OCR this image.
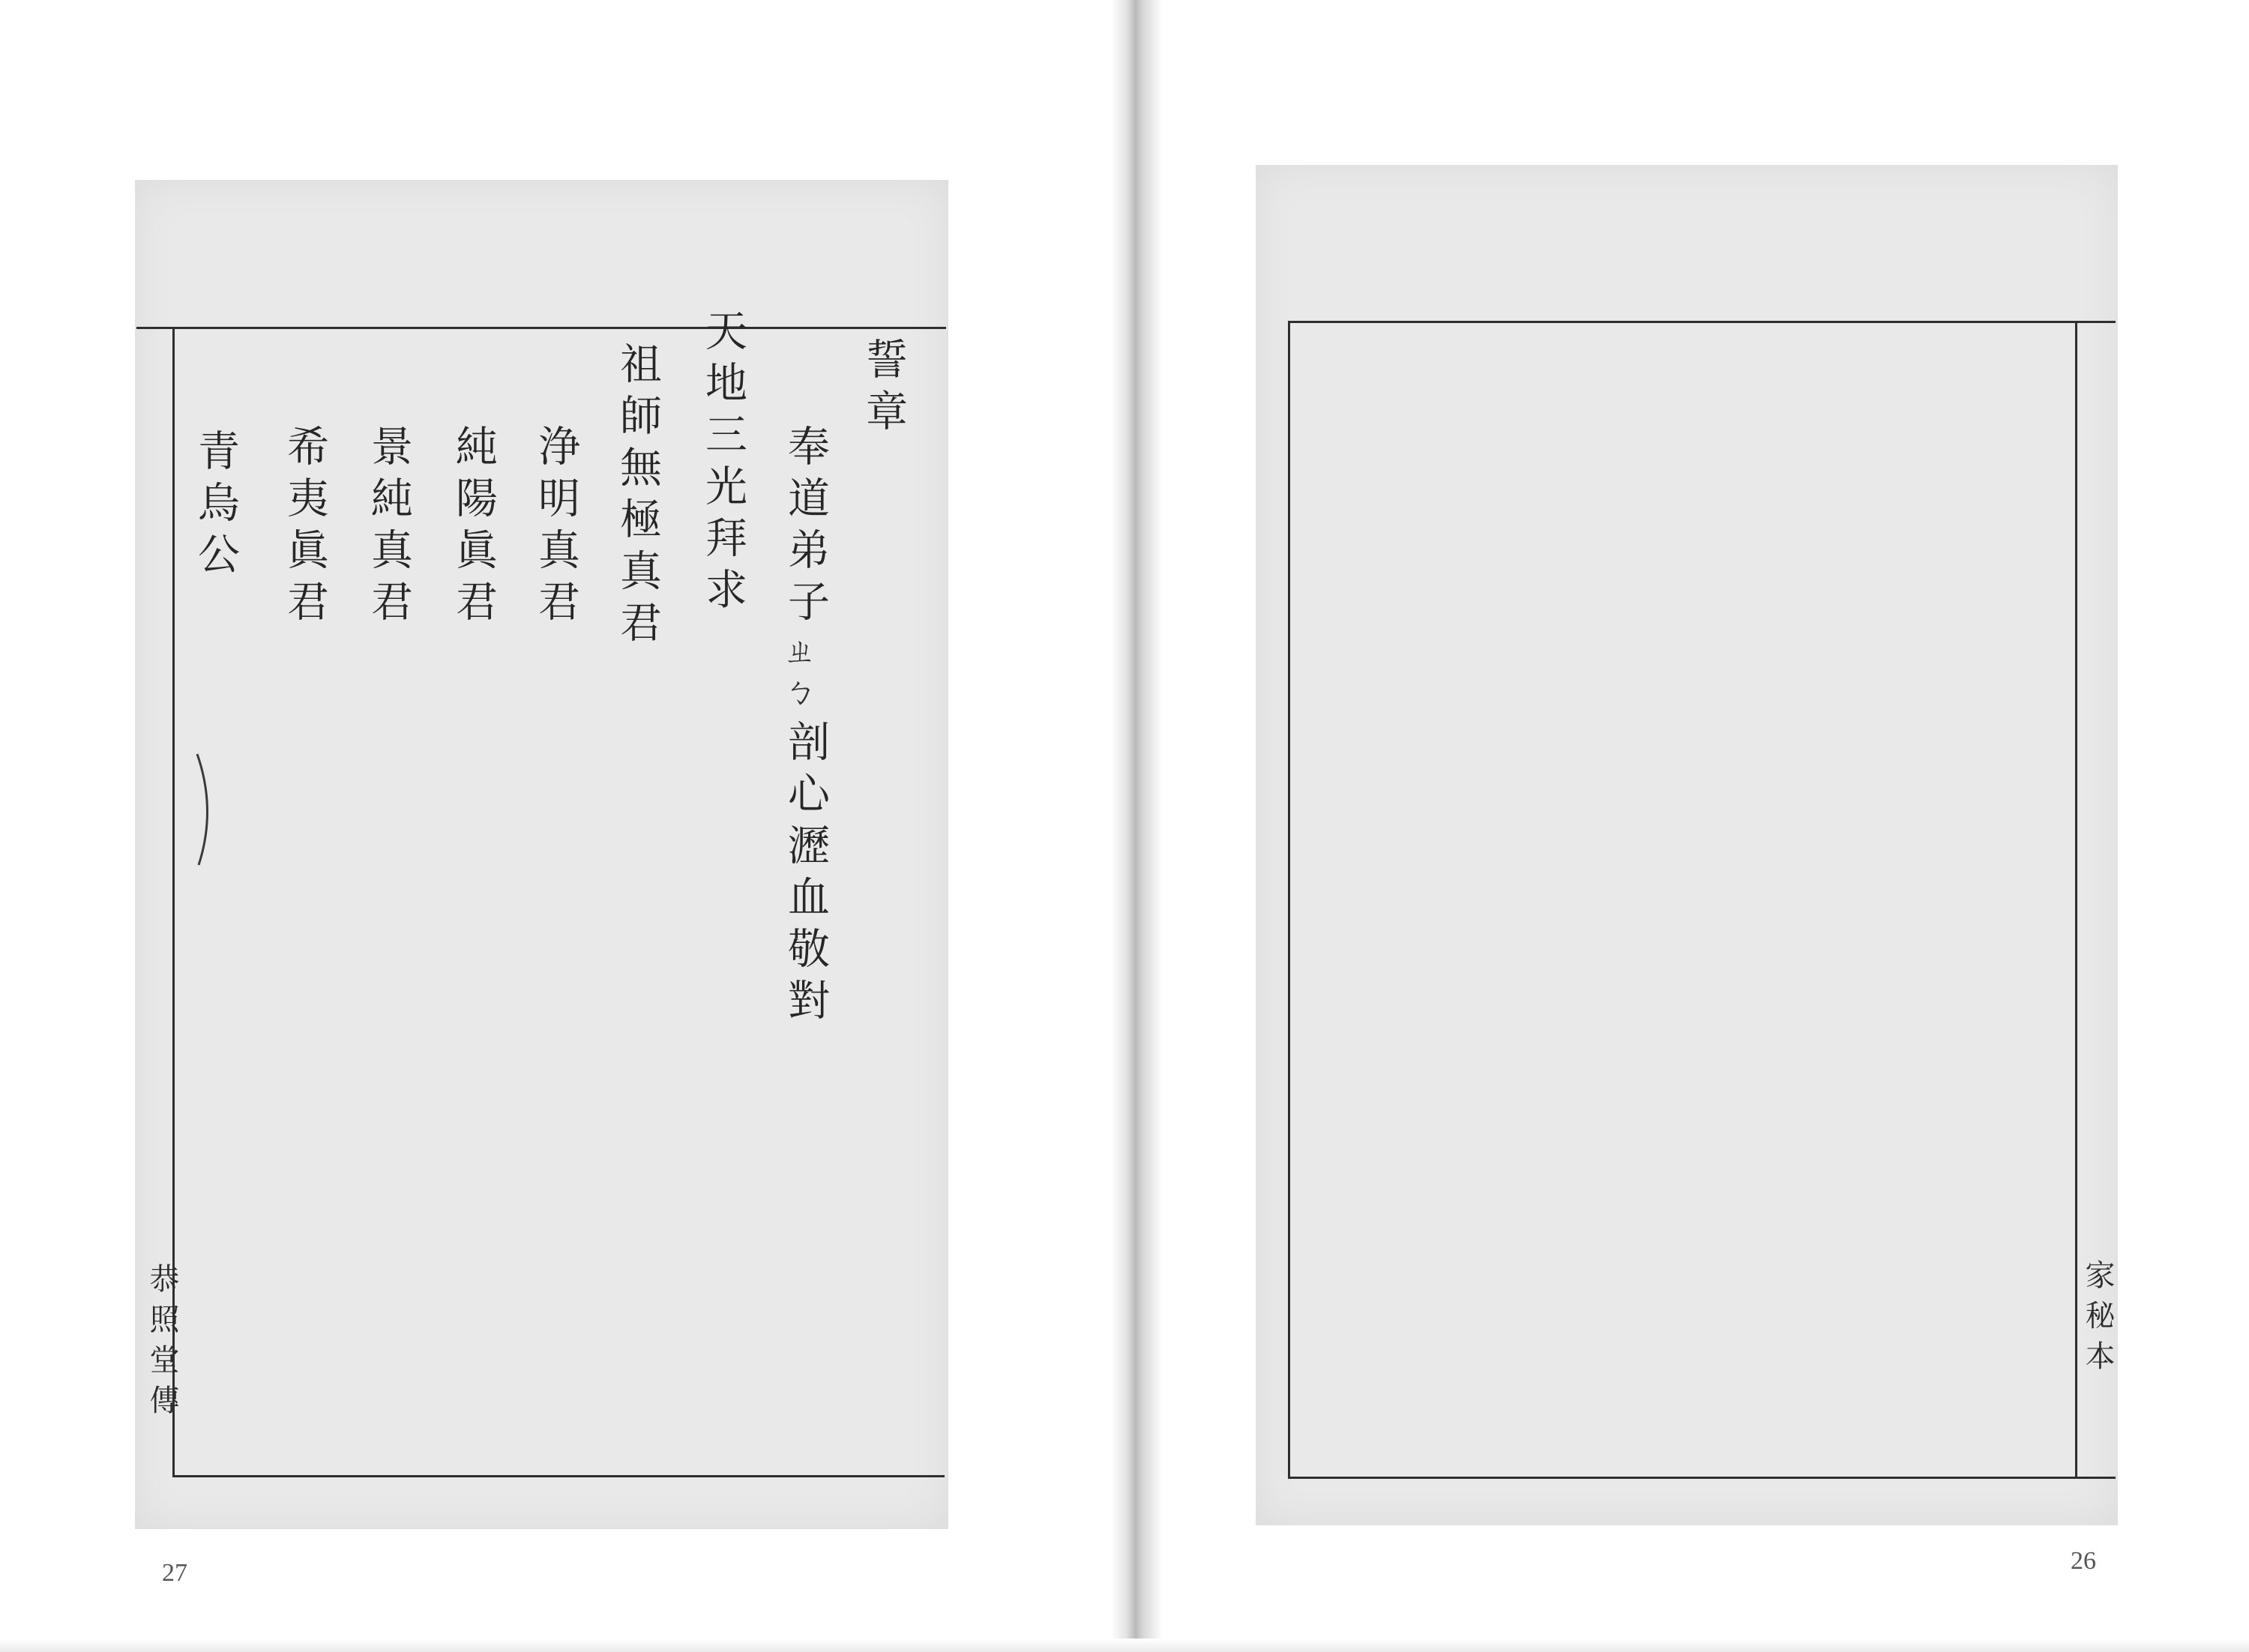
誓章
奉道弟子
ㄓㄅ
剖心瀝血敬對
天地三光拜求
祖師無極真君
浄明真君
純陽眞君
景純真君
希夷眞君
青烏公
恭照堂傳
27
家秘本
26
